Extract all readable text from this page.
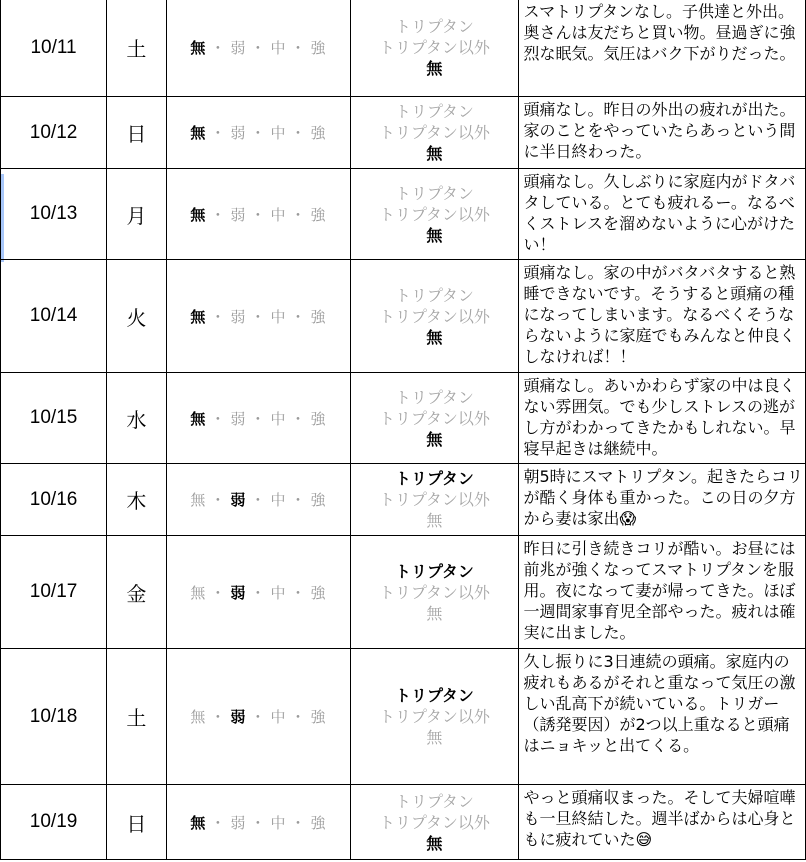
10/11	土	無 ・ 弱 ・ 中 ・ 強	トリプタン
トリプタン以外
無	スマトリプタンなし。子供達と外出。奥さんは友だちと買い物。昼過ぎに強烈な眠気。気圧はバク下がりだった。
10/12	日	無 ・ 弱 ・ 中 ・ 強	トリプタン
トリプタン以外
無	頭痛なし。昨日の外出の疲れが出た。家のことをやっていたらあっという間に半日終わった。
10/13	月	無 ・ 弱 ・ 中 ・ 強	トリプタン
トリプタン以外
無	頭痛なし。久しぶりに家庭内がドタバタしている。とても疲れるー。なるべくストレスを溜めないように心がけたい！
10/14	火	無 ・ 弱 ・ 中 ・ 強	トリプタン
トリプタン以外
無	頭痛なし。家の中がバタバタすると熟睡できないです。そうすると頭痛の種になってしまいます。なるべくそうならないように家庭でもみんなと仲良くしなければ！！
10/15	水	無 ・ 弱 ・ 中 ・ 強	トリプタン
トリプタン以外
無	頭痛なし。あいかわらず家の中は良くない雰囲気。でも少しストレスの逃がし方がわかってきたかもしれない。早寝早起きは継続中。
10/16	木	無 ・ 弱 ・ 中 ・ 強	トリプタン
トリプタン以外
無	朝5時にスマトリプタン。起きたらコリが酷く身体も重かった。この日の夕方から妻は家出😱
10/17	金	無 ・ 弱 ・ 中 ・ 強	トリプタン
トリプタン以外
無	昨日に引き続きコリが酷い。お昼には前兆が強くなってスマトリプタンを服用。夜になって妻が帰ってきた。ほぼ一週間家事育児全部やった。疲れは確実に出ました。
10/18	土	無 ・ 弱 ・ 中 ・ 強	トリプタン
トリプタン以外
無	久し振りに3日連続の頭痛。家庭内の疲れもあるがそれと重なって気圧の激しい乱高下が続いている。トリガー（誘発要因）が2つ以上重なると頭痛はニョキッと出てくる。
10/19	日	無 ・ 弱 ・ 中 ・ 強	トリプタン
トリプタン以外
無	やっと頭痛収まった。そして夫婦喧嘩も一旦終結した。週半ばからは心身ともに疲れていた😅
